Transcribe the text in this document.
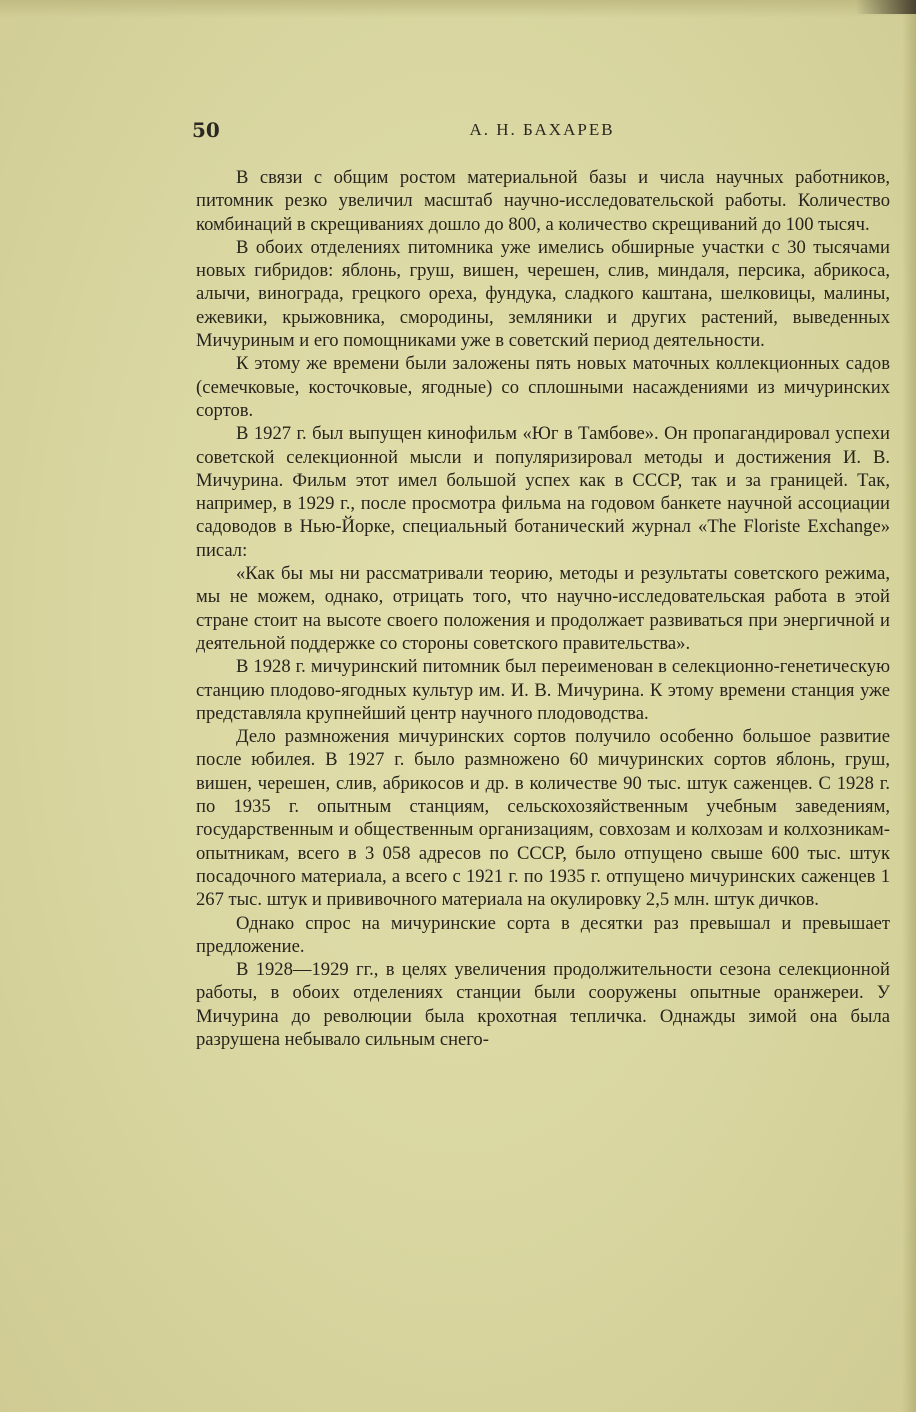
50	А. Н. БАХАРЕВ

В связи с общим ростом материальной базы и числа научных работников, питомник резко увеличил масштаб научно-исследовательской работы. Количество комбинаций в скрещиваниях дошло до 800, а количество скрещиваний до 100 тысяч.

В обоих отделениях питомника уже имелись обширные участки с 30 тысячами новых гибридов: яблонь, груш, вишен, черешен, слив, миндаля, персика, абрикоса, алычи, винограда, грецкого ореха, фундука, сладкого каштана, шелковицы, малины, ежевики, крыжовника, смородины, земляники и других растений, выведенных Мичуриным и его помощниками уже в советский период деятельности.

К этому же времени были заложены пять новых маточных коллекционных садов (семечковые, косточковые, ягодные) со сплошными насаждениями из мичуринских сортов.

В 1927 г. был выпущен кинофильм «Юг в Тамбове». Он пропагандировал успехи советской селекционной мысли и популяризировал методы и достижения И. В. Мичурина. Фильм этот имел большой успех как в СССР, так и за границей. Так, например, в 1929 г., после просмотра фильма на годовом банкете научной ассоциации садоводов в Нью-Йорке, специальный ботанический журнал «The Floriste Exchange» писал:

«Как бы мы ни рассматривали теорию, методы и результаты советского режима, мы не можем, однако, отрицать того, что научно-исследовательская работа в этой стране стоит на высоте своего положения и продолжает развиваться при энергичной и деятельной поддержке со стороны советского правительства».

В 1928 г. мичуринский питомник был переименован в селекционно-генетическую станцию плодово-ягодных культур им. И. В. Мичурина. К этому времени станция уже представляла крупнейший центр научного плодоводства.

Дело размножения мичуринских сортов получило особенно большое развитие после юбилея. В 1927 г. было размножено 60 мичуринских сортов яблонь, груш, вишен, черешен, слив, абрикосов и др. в количестве 90 тыс. штук саженцев. С 1928 г. по 1935 г. опытным станциям, сельскохозяйственным учебным заведениям, государственным и общественным организациям, совхозам и колхозам и колхозникам-опытникам, всего в 3 058 адресов по СССР, было отпущено свыше 600 тыс. штук посадочного материала, а всего с 1921 г. по 1935 г. отпущено мичуринских саженцев 1 267 тыс. штук и прививочного материала на окулировку 2,5 млн. штук дичков.

Однако спрос на мичуринские сорта в десятки раз превышал и превышает предложение.

В 1928—1929 гг., в целях увеличения продолжительности сезона селекционной работы, в обоих отделениях станции были сооружены опытные оранжереи. У Мичурина до революции была крохотная тепличка. Однажды зимой она была разрушена небывало сильным снего-
